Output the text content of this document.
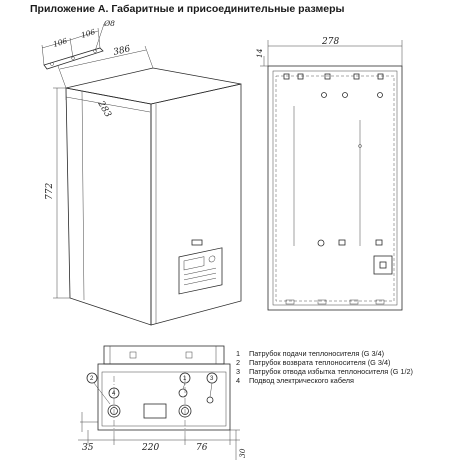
Приложение А. Габаритные и присоединительные размеры
106
106
Ø8
386
283
772
278
14
1
2	3
4
35	220	76
30
1	Патрубок подачи теплоносителя (G 3/4)
2	Патрубок возврата теплоносителя (G 3/4)
3	Патрубок отвода избытка теплоносителя (G 1/2)
4	Подвод электрического кабеля
